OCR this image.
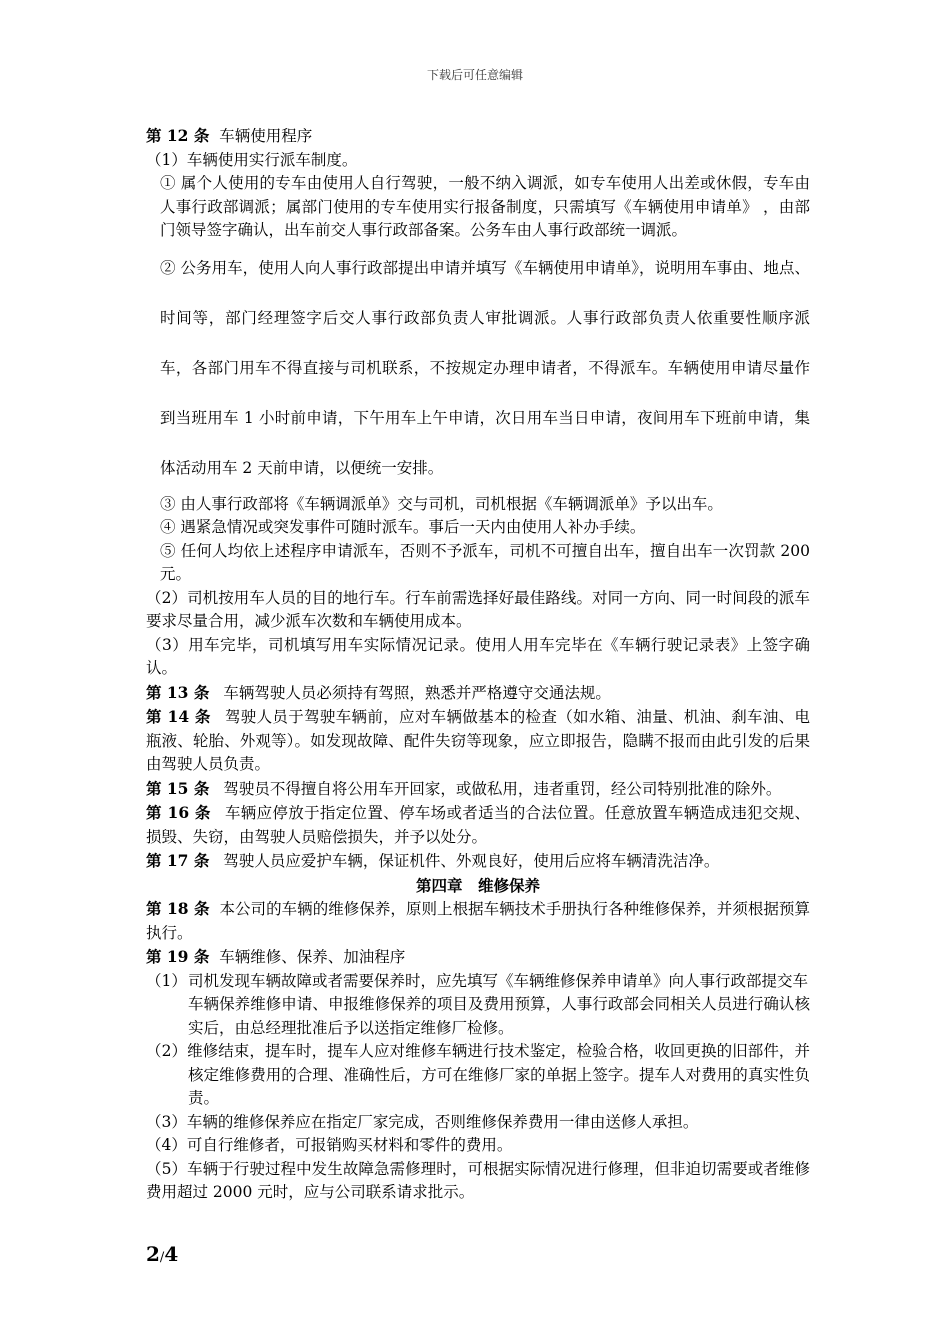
下载后可任意编辑

第 12 条 车辆使用程序

（1）车辆使用实行派车制度。

① 属个人使用的专车由使用人自行驾驶，一般不纳入调派，如专车使用人出差或休假，专车由人事行政部调派；属部门使用的专车使用实行报备制度，只需填写《车辆使用申请单》 ，由部门领导签字确认，出车前交人事行政部备案。公务车由人事行政部统一调派。

② 公务用车，使用人向人事行政部提出申请并填写《车辆使用申请单》，说明用车事由、地点、时间等，部门经理签字后交人事行政部负责人审批调派。人事行政部负责人依重要性顺序派车，各部门用车不得直接与司机联系，不按规定办理申请者，不得派车。车辆使用申请尽量作到当班用车 1 小时前申请，下午用车上午申请，次日用车当日申请，夜间用车下班前申请，集体活动用车 2 天前申请，以便统一安排。

③ 由人事行政部将《车辆调派单》交与司机，司机根据《车辆调派单》予以出车。

④ 遇紧急情况或突发事件可随时派车。事后一天内由使用人补办手续。

⑤ 任何人均依上述程序申请派车，否则不予派车，司机不可擅自出车，擅自出车一次罚款 200 元。

（2）司机按用车人员的目的地行车。行车前需选择好最佳路线。对同一方向、同一时间段的派车要求尽量合用，减少派车次数和车辆使用成本。

（3）用车完毕，司机填写用车实际情况记录。使用人用车完毕在《车辆行驶记录表》上签字确认。

第 13 条 车辆驾驶人员必须持有驾照，熟悉并严格遵守交通法规。

第 14 条 驾驶人员于驾驶车辆前，应对车辆做基本的检查（如水箱、油量、机油、刹车油、电瓶液、轮胎、外观等）。如发现故障、配件失窃等现象，应立即报告，隐瞒不报而由此引发的后果由驾驶人员负责。

第 15 条 驾驶员不得擅自将公用车开回家，或做私用，违者重罚，经公司特别批准的除外。

第 16 条 车辆应停放于指定位置、停车场或者适当的合法位置。任意放置车辆造成违犯交规、损毁、失窃，由驾驶人员赔偿损失，并予以处分。

第 17 条 驾驶人员应爱护车辆，保证机件、外观良好，使用后应将车辆清洗洁净。

第四章　维修保养

第 18 条 本公司的车辆的维修保养，原则上根据车辆技术手册执行各种维修保养，并须根据预算执行。

第 19 条 车辆维修、保养、加油程序

（1）司机发现车辆故障或者需要保养时，应先填写《车辆维修保养申请单》向人事行政部提交车

车辆保养维修申请、申报维修保养的项目及费用预算，人事行政部会同相关人员进行确认核实后，由总经理批准后予以送指定维修厂检修。

（2）维修结束，提车时，提车人应对维修车辆进行技术鉴定，检验合格，收回更换的旧部件，并核定维修费用的合理、准确性后，方可在维修厂家的单据上签字。提车人对费用的真实性负责。

（3）车辆的维修保养应在指定厂家完成，否则维修保养费用一律由送修人承担。

（4）可自行维修者，可报销购买材料和零件的费用。

（5）车辆于行驶过程中发生故障急需修理时，可根据实际情况进行修理，但非迫切需要或者维修费用超过 2000 元时，应与公司联系请求批示。

2/4
